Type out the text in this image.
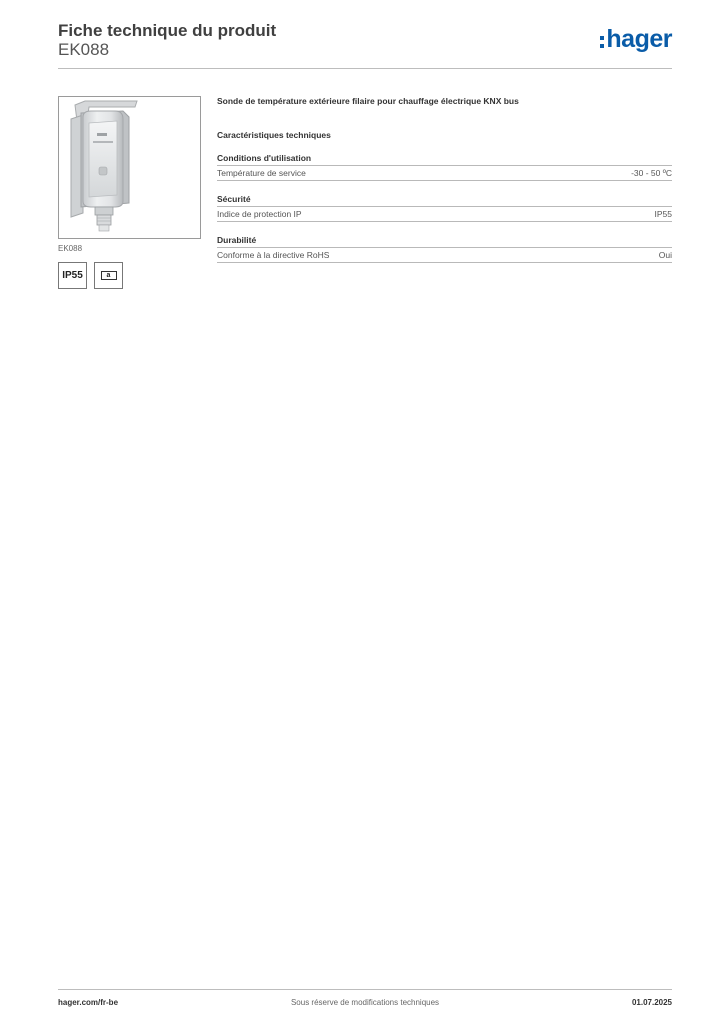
Fiche technique du produit
EK088	hager
EK088
IP55	a
Sonde de température extérieure filaire pour chauffage électrique KNX bus
Caractéristiques techniques
Conditions d'utilisation
Température de service	-30 - 50 ºC
Sécurité
Indice de protection IP	IP55
Durabilité
Conforme à la directive RoHS	Oui
hager.com/fr-be	Sous réserve de modifications techniques	01.07.2025
